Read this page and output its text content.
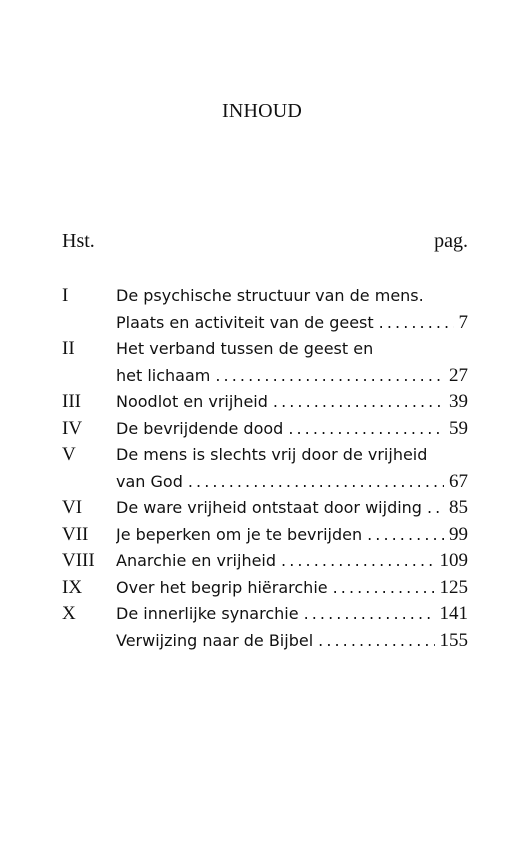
INHOUD
Hst.	pag.
I	De psychische structuur van de mens.
Plaats en activiteit van de geest . . .	7
II	Het verband tussen de geest en
het lichaam . . .	27
III Noodlot en vrijheid . . .	39
IV De bevrijdende dood . . .	59
V	De mens is slechts vrij door de vrijheid
van God . . .	67
VI De ware vrijheid ontstaat door wijding . . . 85
VII Je beperken om je te bevrijden . . .	99
VIII Anarchie en vrijheid . . .	109
IX Over het begrip hiërarchie . . .	125
X	De innerlijke synarchie . . .	141
Verwijzing naar de Bijbel . . .	155
